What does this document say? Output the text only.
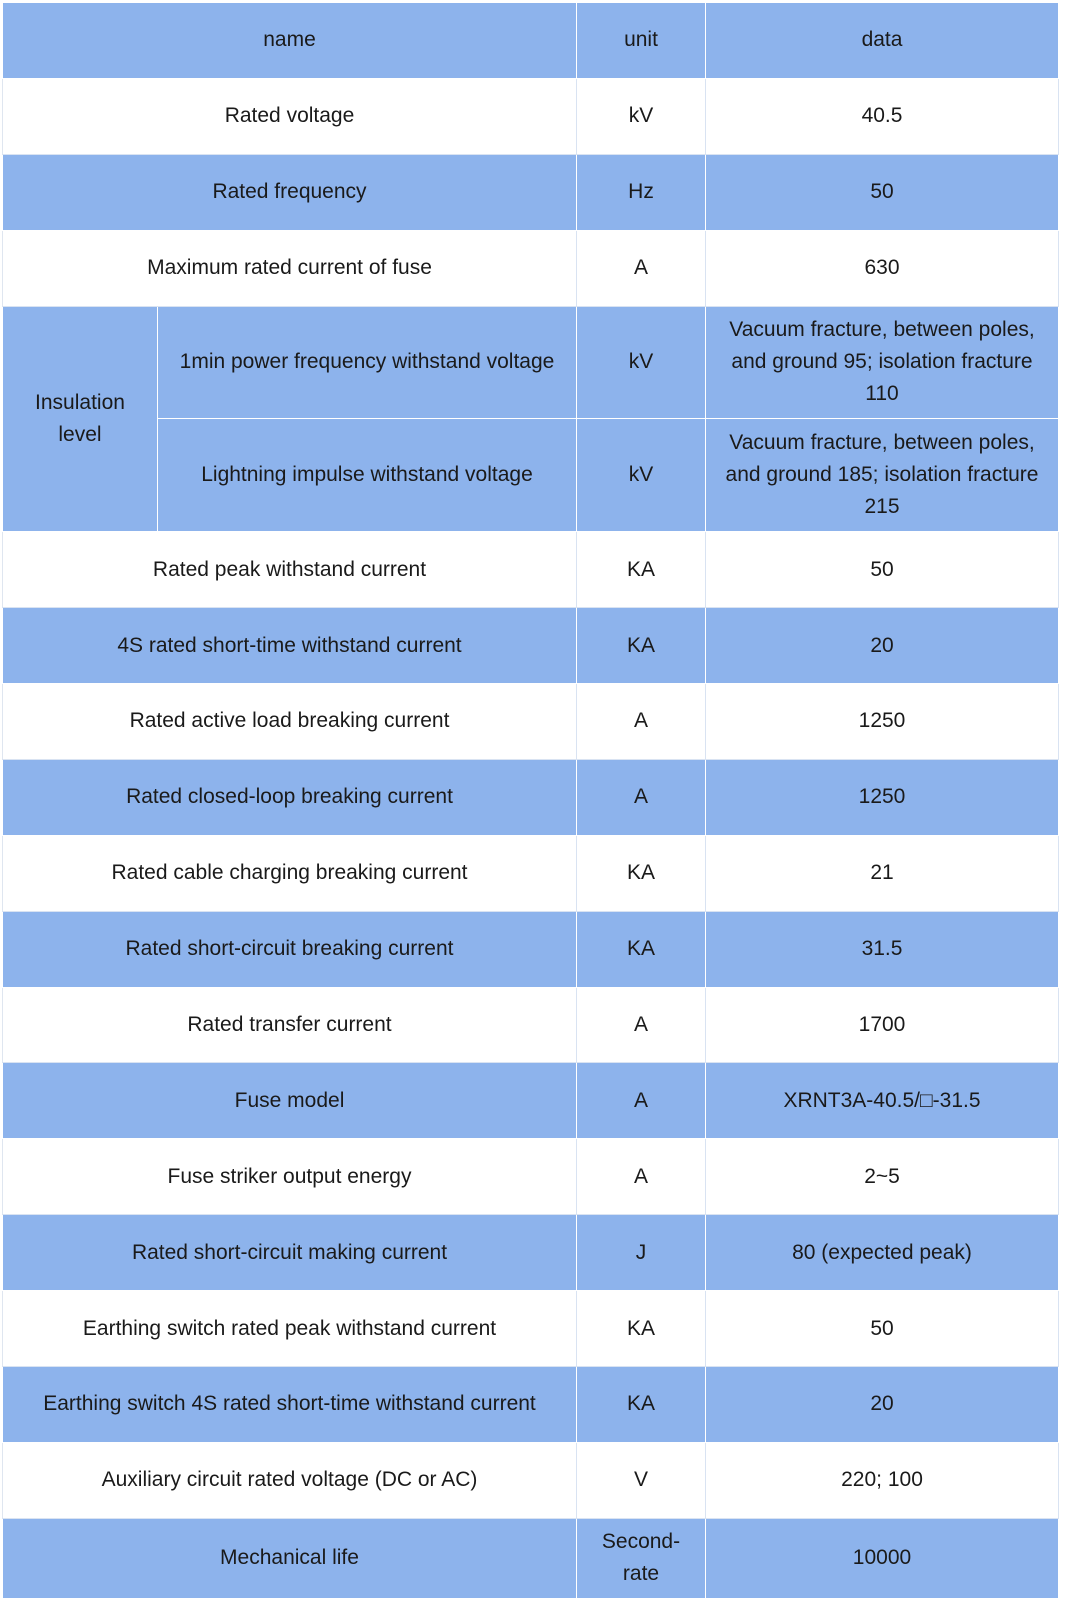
name		unit	data
Rated voltage		kV	40.5
Rated frequency		Hz	50
Maximum rated current of fuse		A	630
Insulation level	1min power frequency withstand voltage	kV	Vacuum fracture, between poles, and ground 95; isolation fracture 110
	Lightning impulse withstand voltage	kV	Vacuum fracture, between poles, and ground 185; isolation fracture 215
Rated peak withstand current		KA	50
4S rated short-time withstand current		KA	20
Rated active load breaking current		A	1250
Rated closed-loop breaking current		A	1250
Rated cable charging breaking current		KA	21
Rated short-circuit breaking current		KA	31.5
Rated transfer current		A	1700
Fuse model		A	XRNT3A-40.5/□-31.5
Fuse striker output energy		A	2~5
Rated short-circuit making current		J	80 (expected peak)
Earthing switch rated peak withstand current		KA	50
Earthing switch 4S rated short-time withstand current		KA	20
Auxiliary circuit rated voltage (DC or AC)		V	220; 100
Mechanical life		Second-rate	10000
